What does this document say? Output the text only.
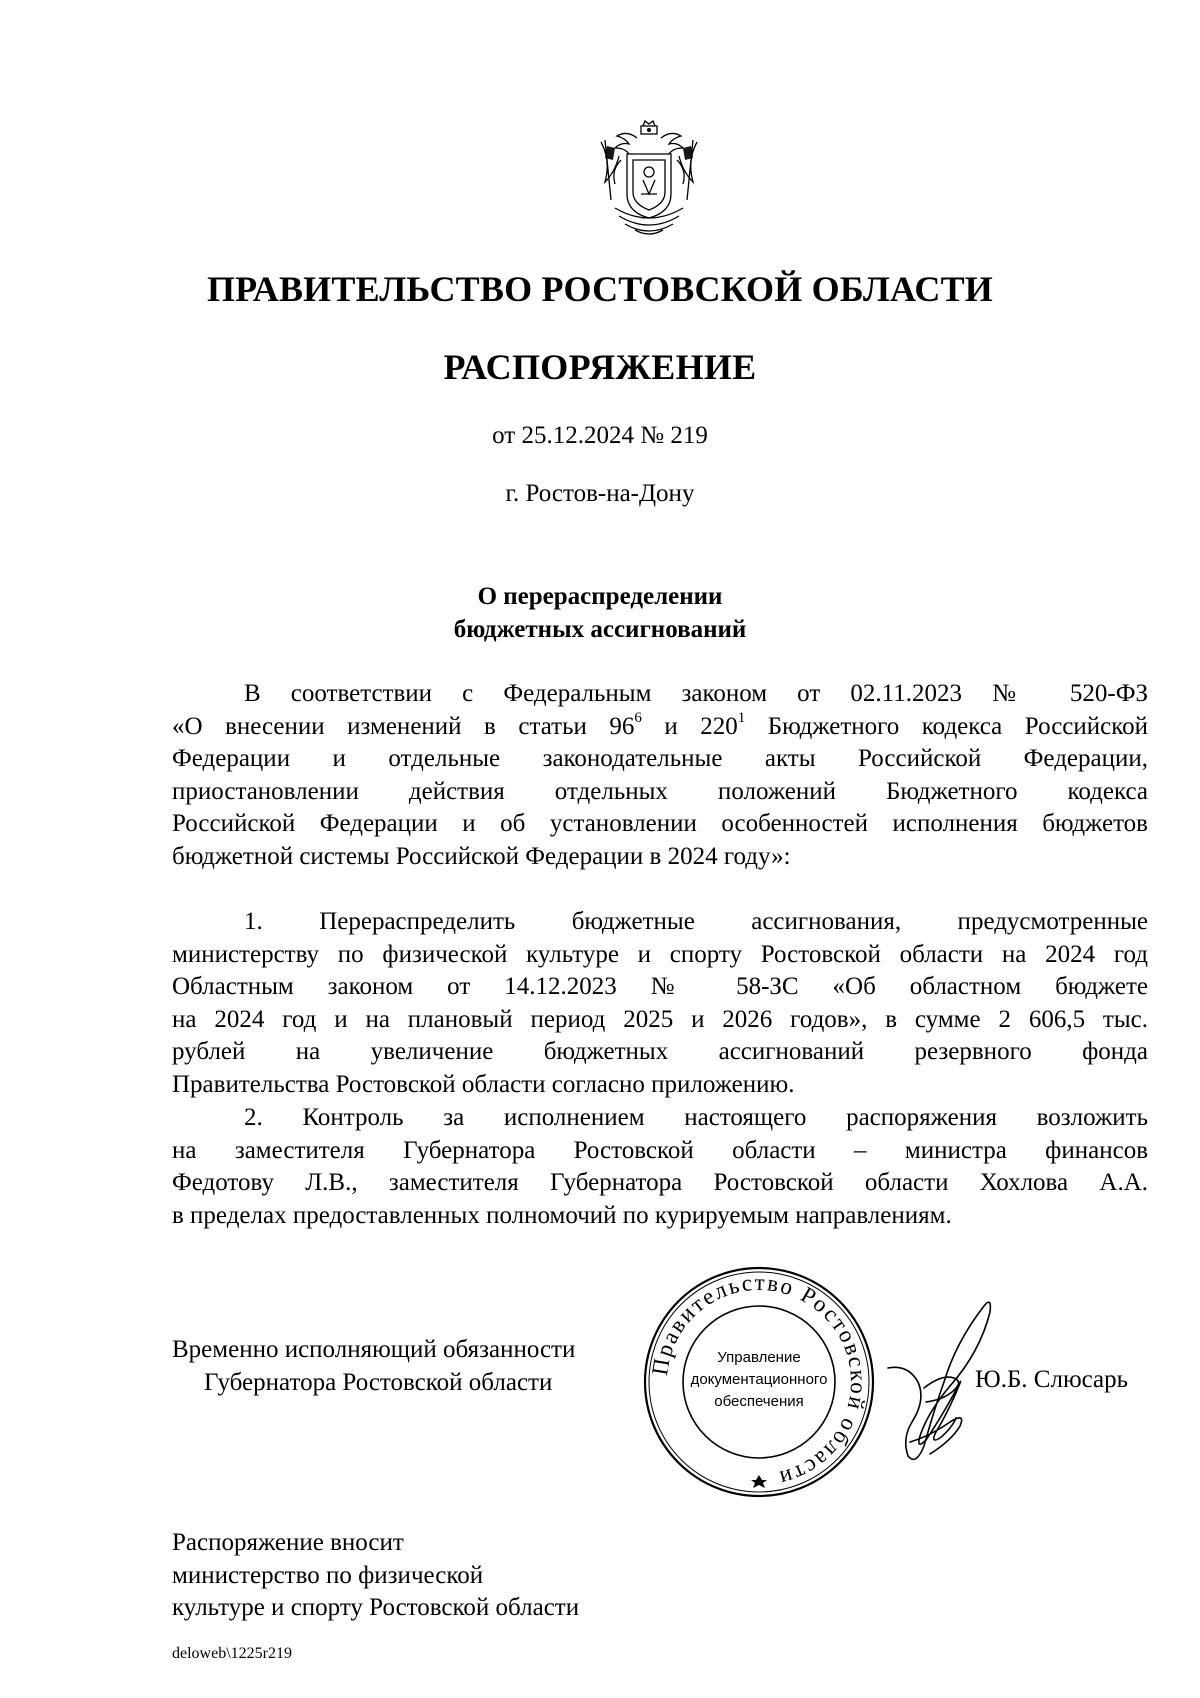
ПРАВИТЕЛЬСТВО РОСТОВСКОЙ ОБЛАСТИ
РАСПОРЯЖЕНИЕ
от 25.12.2024 № 219
г. Ростов-на-Дону
О перераспределении
бюджетных ассигнований
В соответствии с Федеральным законом от 02.11.2023 № 520-ФЗ
«О внесении изменений в статьи $96^6$ и $220^1$ Бюджетного кодекса Российской
Федерации и отдельные законодательные акты Российской Федерации,
приостановлении действия отдельных положений Бюджетного кодекса
Российской Федерации и об установлении особенностей исполнения бюджетов
бюджетной системы Российской Федерации в 2024 году»:
1. Перераспределить бюджетные ассигнования, предусмотренные
министерству по физической культуре и спорту Ростовской области на 2024 год
Областным законом от 14.12.2023 № 58-ЗС «Об областном бюджете
на 2024 год и на плановый период 2025 и 2026 годов», в сумме 2 606,5 тыс.
рублей на увеличение бюджетных ассигнований резервного фонда
Правительства Ростовской области согласно приложению.
2. Контроль за исполнением настоящего распоряжения возложить
на заместителя Губернатора Ростовской области – министра финансов
Федотову Л.В., заместителя Губернатора Ростовской области Хохлова А.А.
в пределах предоставленных полномочий по курируемым направлениям.
Временно исполняющий обязанности
Губернатора Ростовской области
Правительство Ростовской области
Управление
документационного
обеспечения
Ю.Б. Слюсарь
Распоряжение вносит
министерство по физической
культуре и спорту Ростовской области
deloweb\1225r219
